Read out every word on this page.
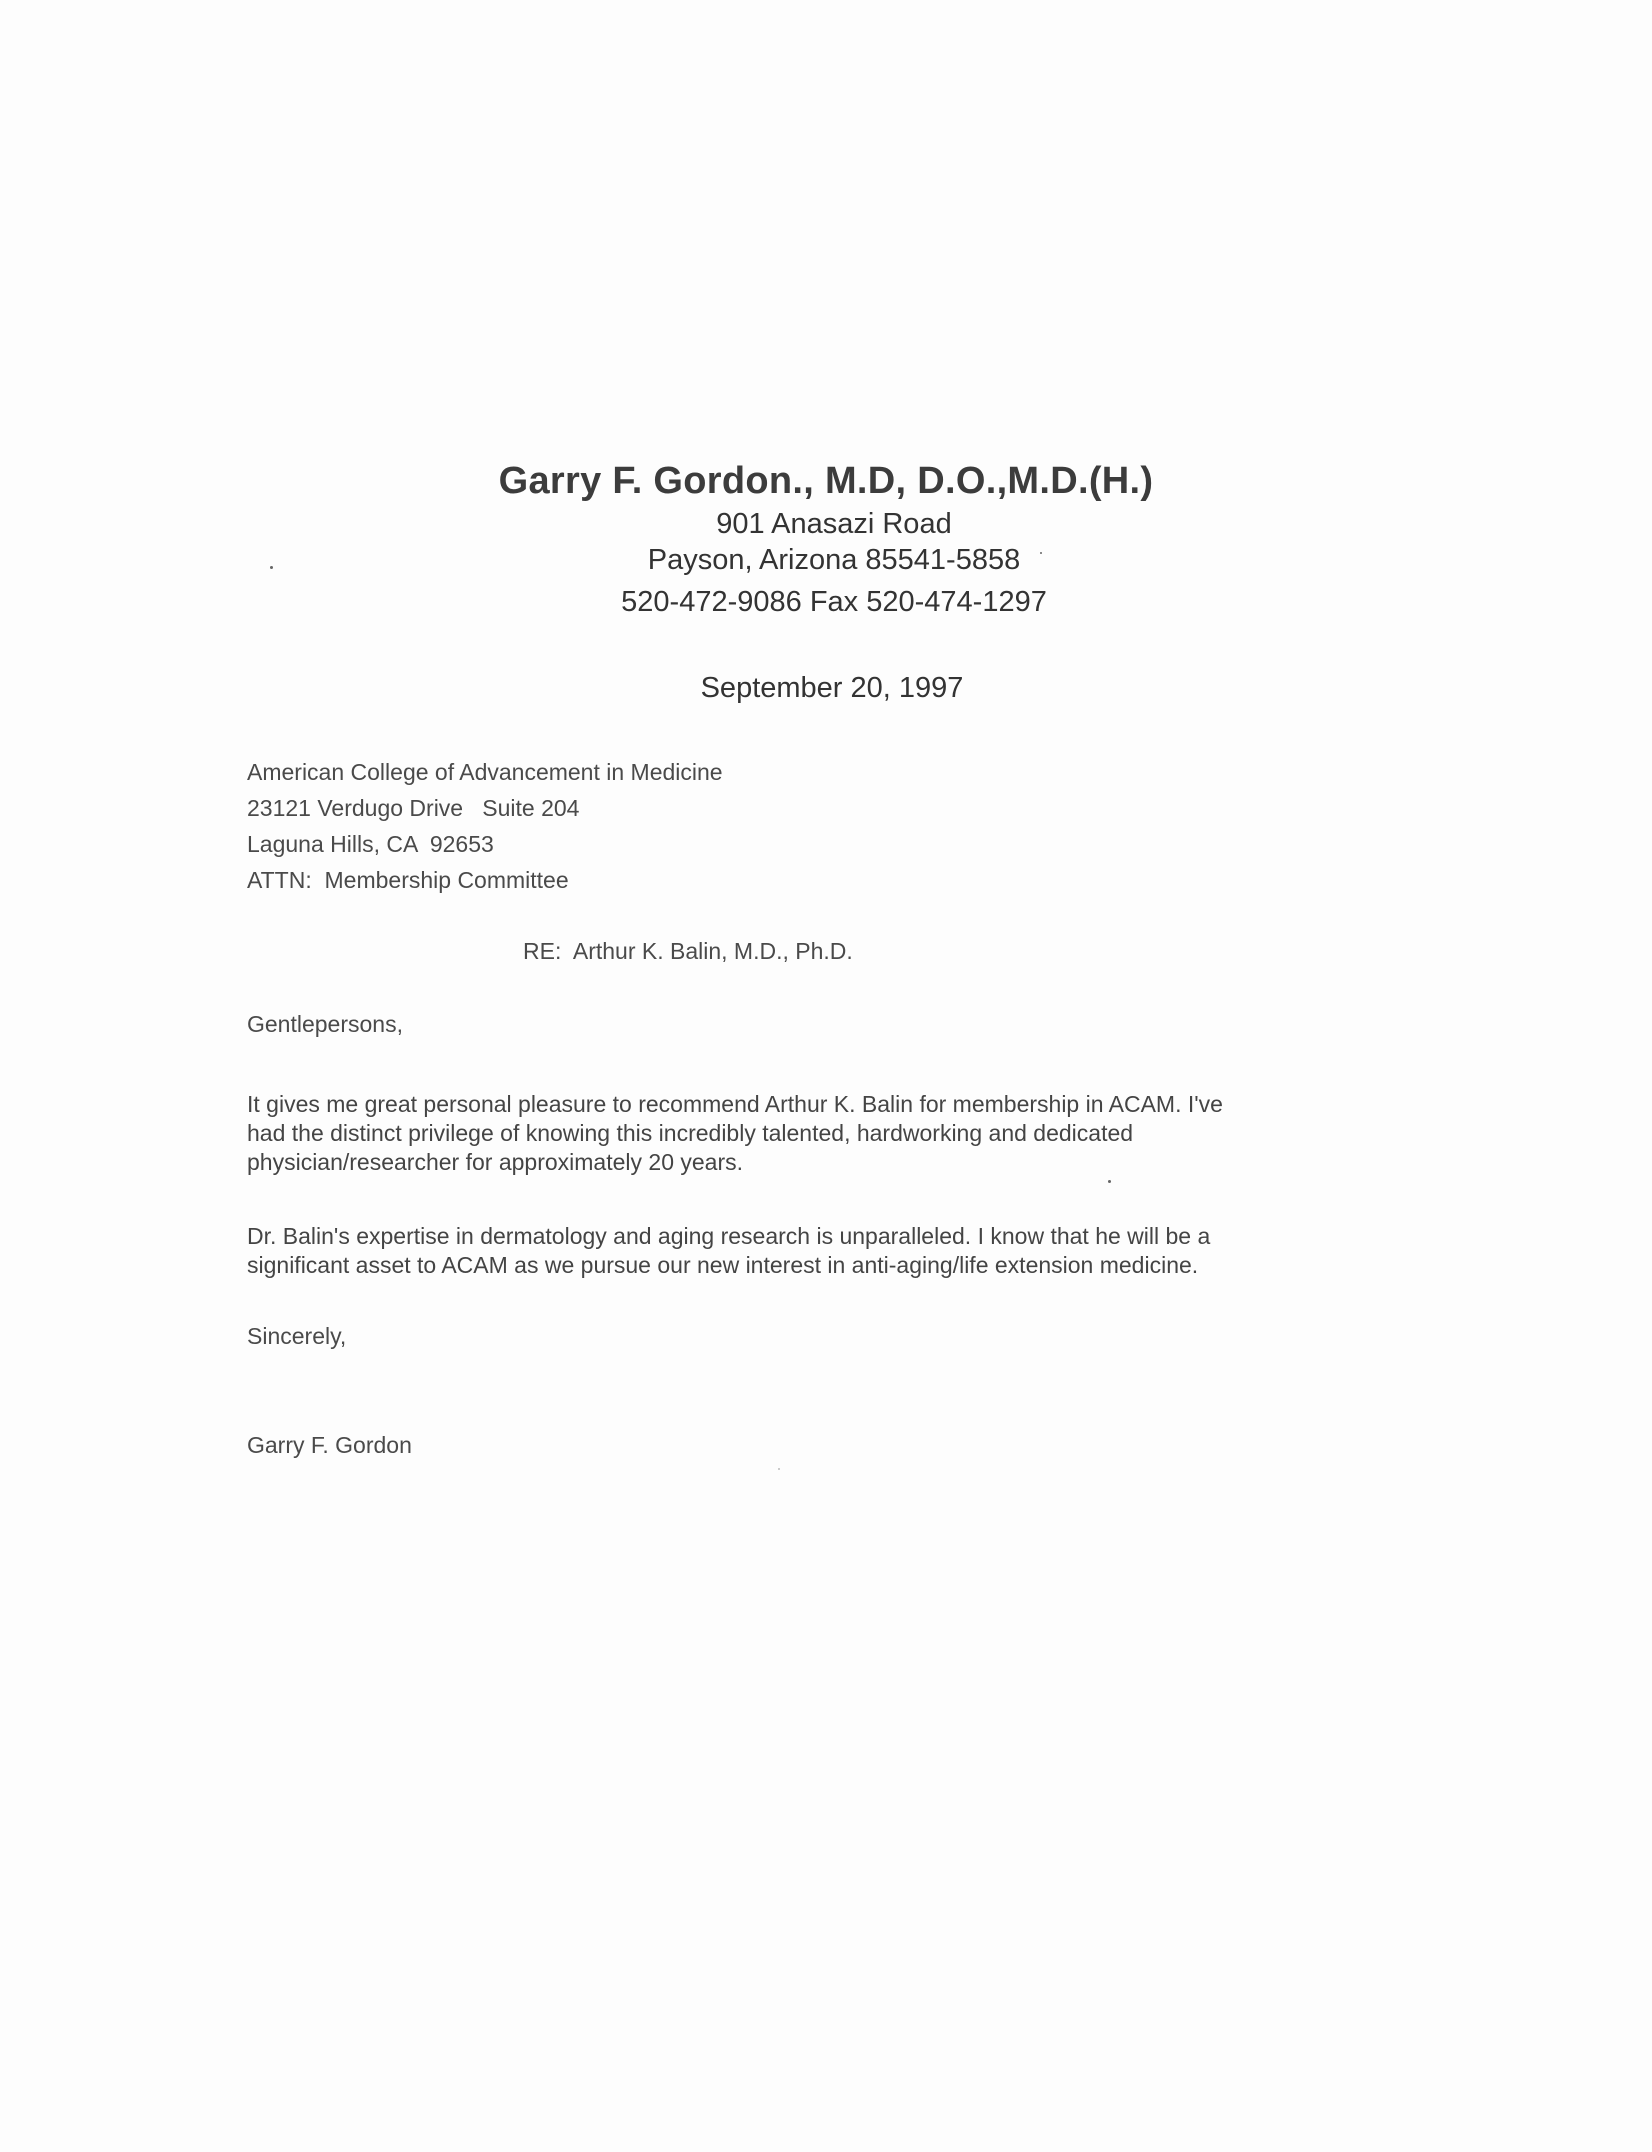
Garry F. Gordon., M.D, D.O.,M.D.(H.)
901 Anasazi Road
Payson, Arizona 85541-5858
520-472-9086 Fax 520-474-1297
September 20, 1997
American College of Advancement in Medicine
23121 Verdugo Drive   Suite 204
Laguna Hills, CA  92653
ATTN:  Membership Committee
RE:  Arthur K. Balin, M.D., Ph.D.
Gentlepersons,
It gives me great personal pleasure to recommend Arthur K. Balin for membership in ACAM. I've
had the distinct privilege of knowing this incredibly talented, hardworking and dedicated
physician/researcher for approximately 20 years.
Dr. Balin's expertise in dermatology and aging research is unparalleled. I know that he will be a
significant asset to ACAM as we pursue our new interest in anti-aging/life extension medicine.
Sincerely,
Garry F. Gordon
